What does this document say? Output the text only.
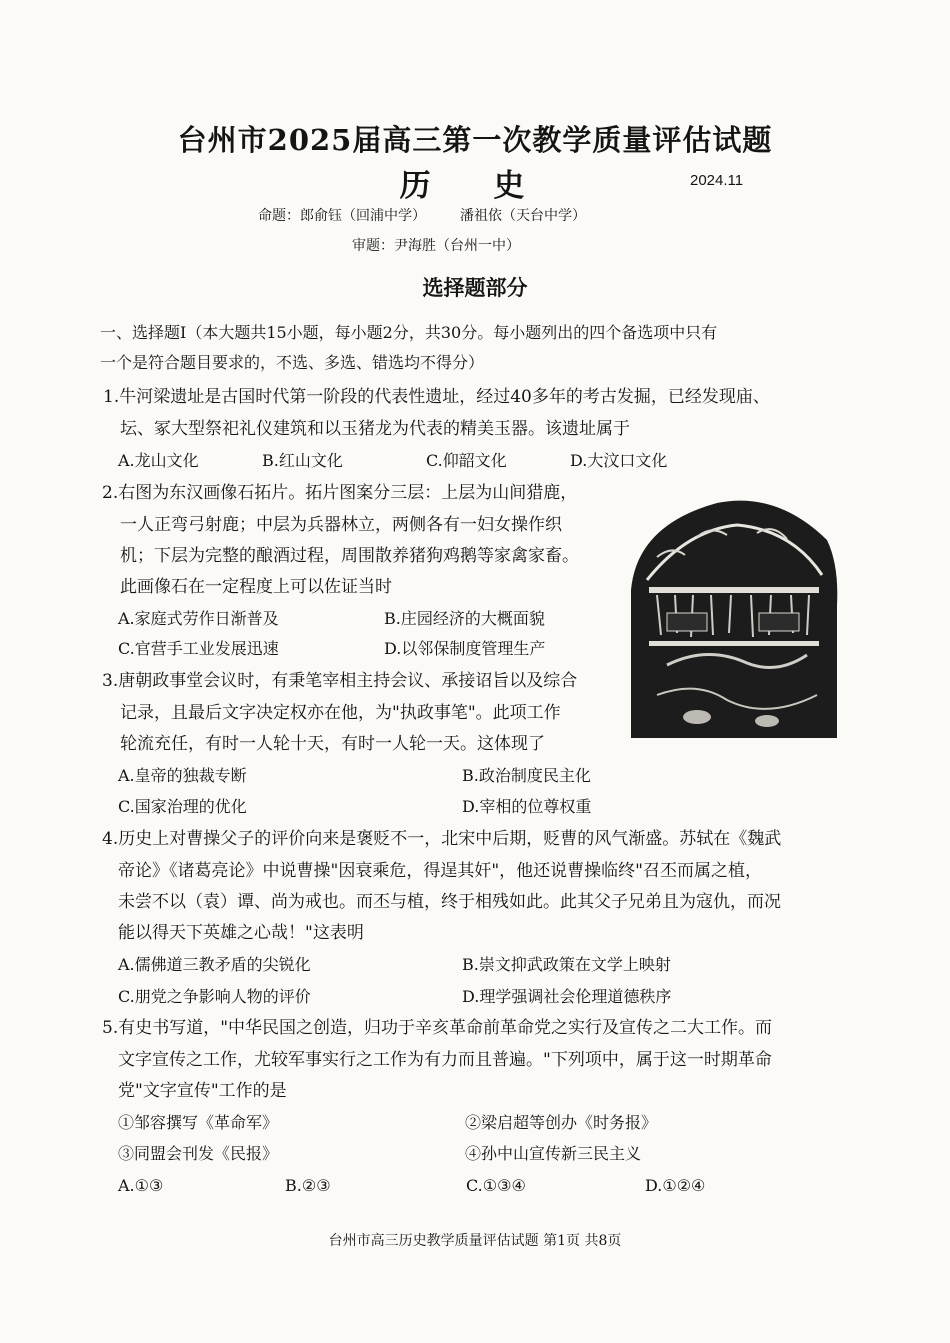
台州市2025届高三第一次教学质量评估试题
历 史	2024.11
命题：郎俞钰（回浦中学） 潘祖依（天台中学）
审题：尹海胜（台州一中）
选择题部分
一、选择题Ⅰ（本大题共15小题，每小题2分，共30分。每小题列出的四个备选项中只有
一个是符合题目要求的，不选、多选、错选均不得分）
1.牛河梁遗址是古国时代第一阶段的代表性遗址，经过40多年的考古发掘，已经发现庙、
坛、冢大型祭祀礼仪建筑和以玉猪龙为代表的精美玉器。该遗址属于
A.龙山文化	B.红山文化	C.仰韶文化	D.大汶口文化
2.右图为东汉画像石拓片。拓片图案分三层：上层为山间猎鹿，
一人正弯弓射鹿；中层为兵器林立，两侧各有一妇女操作织
机；下层为完整的酿酒过程，周围散养猪狗鸡鹅等家禽家畜。
此画像石在一定程度上可以佐证当时
A.家庭式劳作日渐普及	B.庄园经济的大概面貌
C.官营手工业发展迅速	D.以邻保制度管理生产
3.唐朝政事堂会议时，有秉笔宰相主持会议、承接诏旨以及综合
记录，且最后文字决定权亦在他，为"执政事笔"。此项工作
轮流充任，有时一人轮十天，有时一人轮一天。这体现了
A.皇帝的独裁专断	B.政治制度民主化
C.国家治理的优化	D.宰相的位尊权重
4.历史上对曹操父子的评价向来是褒贬不一，北宋中后期，贬曹的风气渐盛。苏轼在《魏武
帝论》《诸葛亮论》中说曹操"因衰乘危，得逞其奸"，他还说曹操临终"召丕而属之植，
未尝不以（袁）谭、尚为戒也。而丕与植，终于相残如此。此其父子兄弟且为寇仇，而况
能以得天下英雄之心哉！"这表明
A.儒佛道三教矛盾的尖锐化	B.崇文抑武政策在文学上映射
C.朋党之争影响人物的评价	D.理学强调社会伦理道德秩序
5.有史书写道，"中华民国之创造，归功于辛亥革命前革命党之实行及宣传之二大工作。而
文字宣传之工作，尤较军事实行之工作为有力而且普遍。"下列项中，属于这一时期革命
党"文字宣传"工作的是
①邹容撰写《革命军》	②梁启超等创办《时务报》
③同盟会刊发《民报》	④孙中山宣传新三民主义
A.①③	B.②③	C.①③④	D.①②④
台州市高三历史教学质量评估试题 第1页 共8页
